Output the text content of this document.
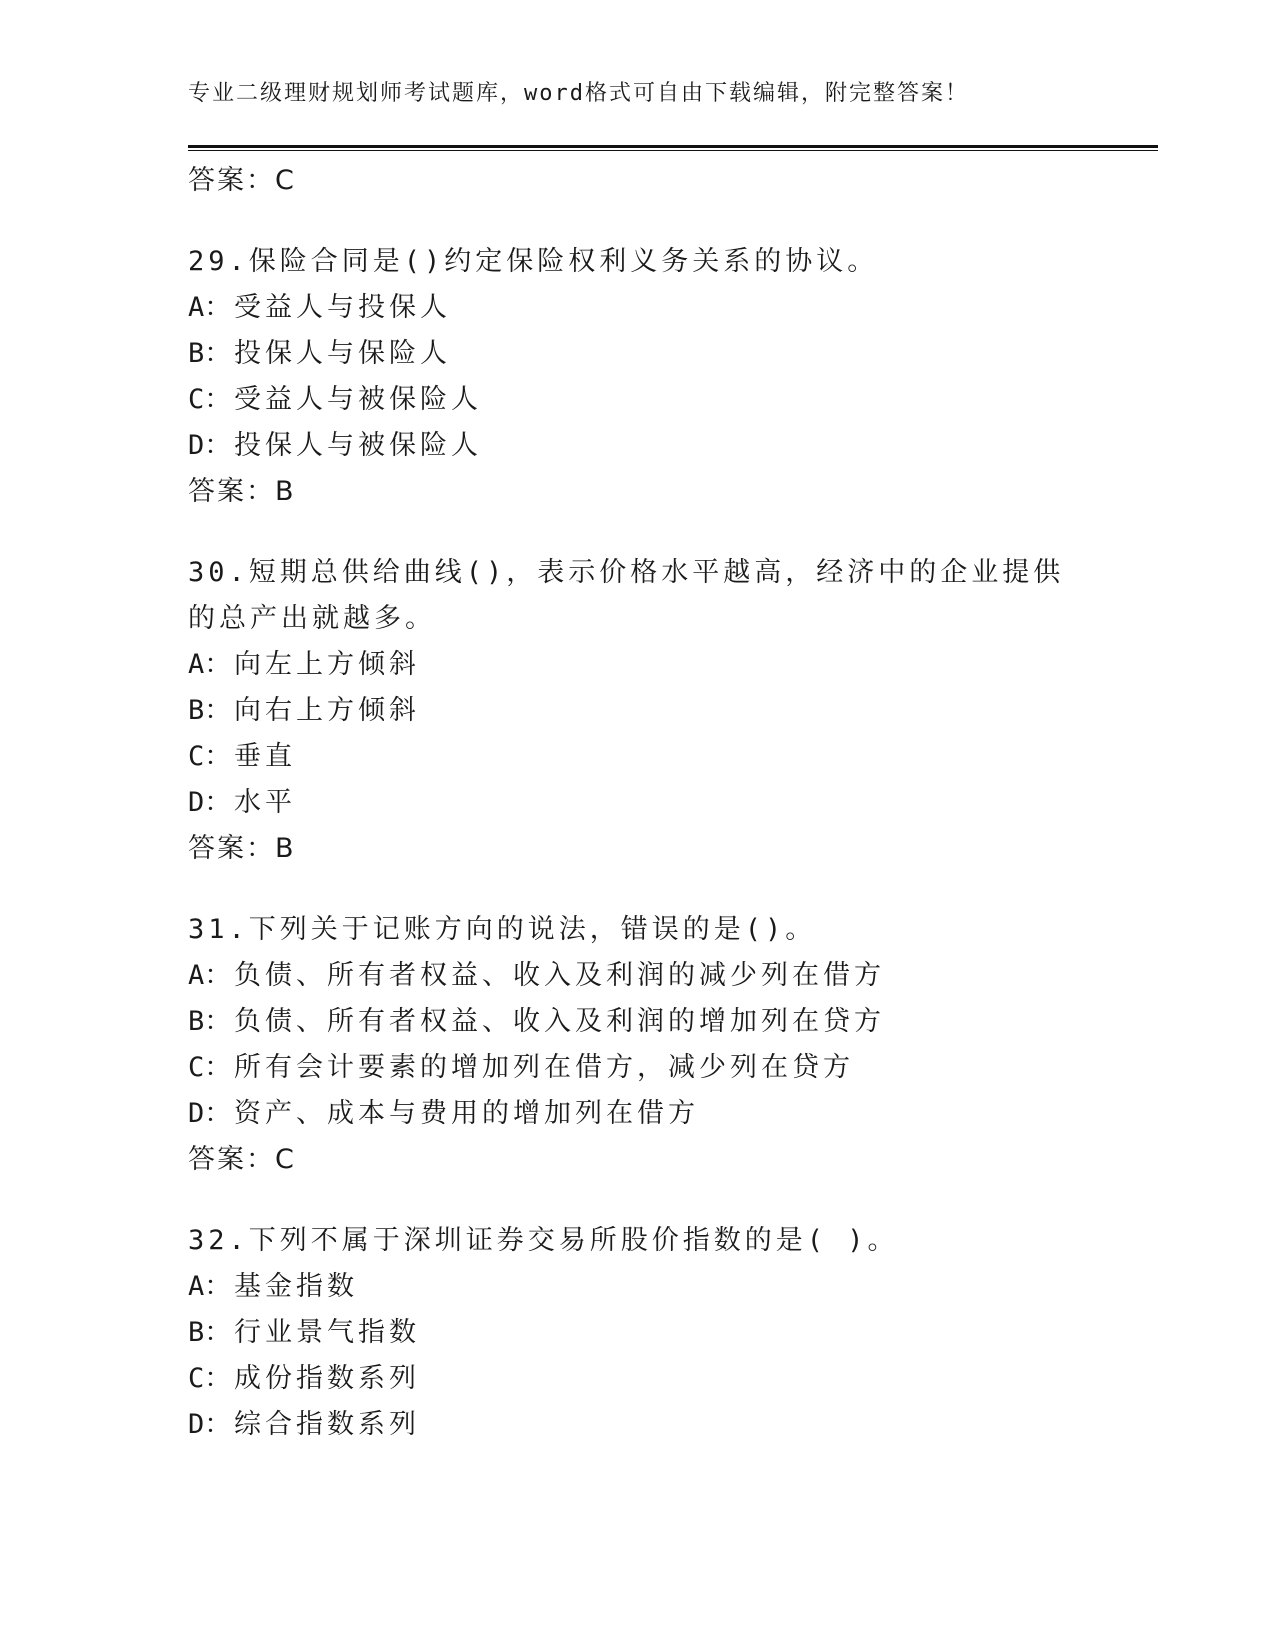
专业二级理财规划师考试题库，word格式可自由下载编辑，附完整答案！
答案：C
29.保险合同是()约定保险权利义务关系的协议。
A： 受益人与投保人
B： 投保人与保险人
C： 受益人与被保险人
D： 投保人与被保险人
答案：B
30.短期总供给曲线()，表示价格水平越高，经济中的企业提供的总产出就越多。
A： 向左上方倾斜
B： 向右上方倾斜
C： 垂直
D： 水平
答案：B
31.下列关于记账方向的说法，错误的是()。
A： 负债、所有者权益、收入及利润的减少列在借方
B： 负债、所有者权益、收入及利润的增加列在贷方
C： 所有会计要素的增加列在借方，减少列在贷方
D： 资产、成本与费用的增加列在借方
答案：C
32.下列不属于深圳证券交易所股价指数的是( )。
A： 基金指数
B： 行业景气指数
C： 成份指数系列
D： 综合指数系列
